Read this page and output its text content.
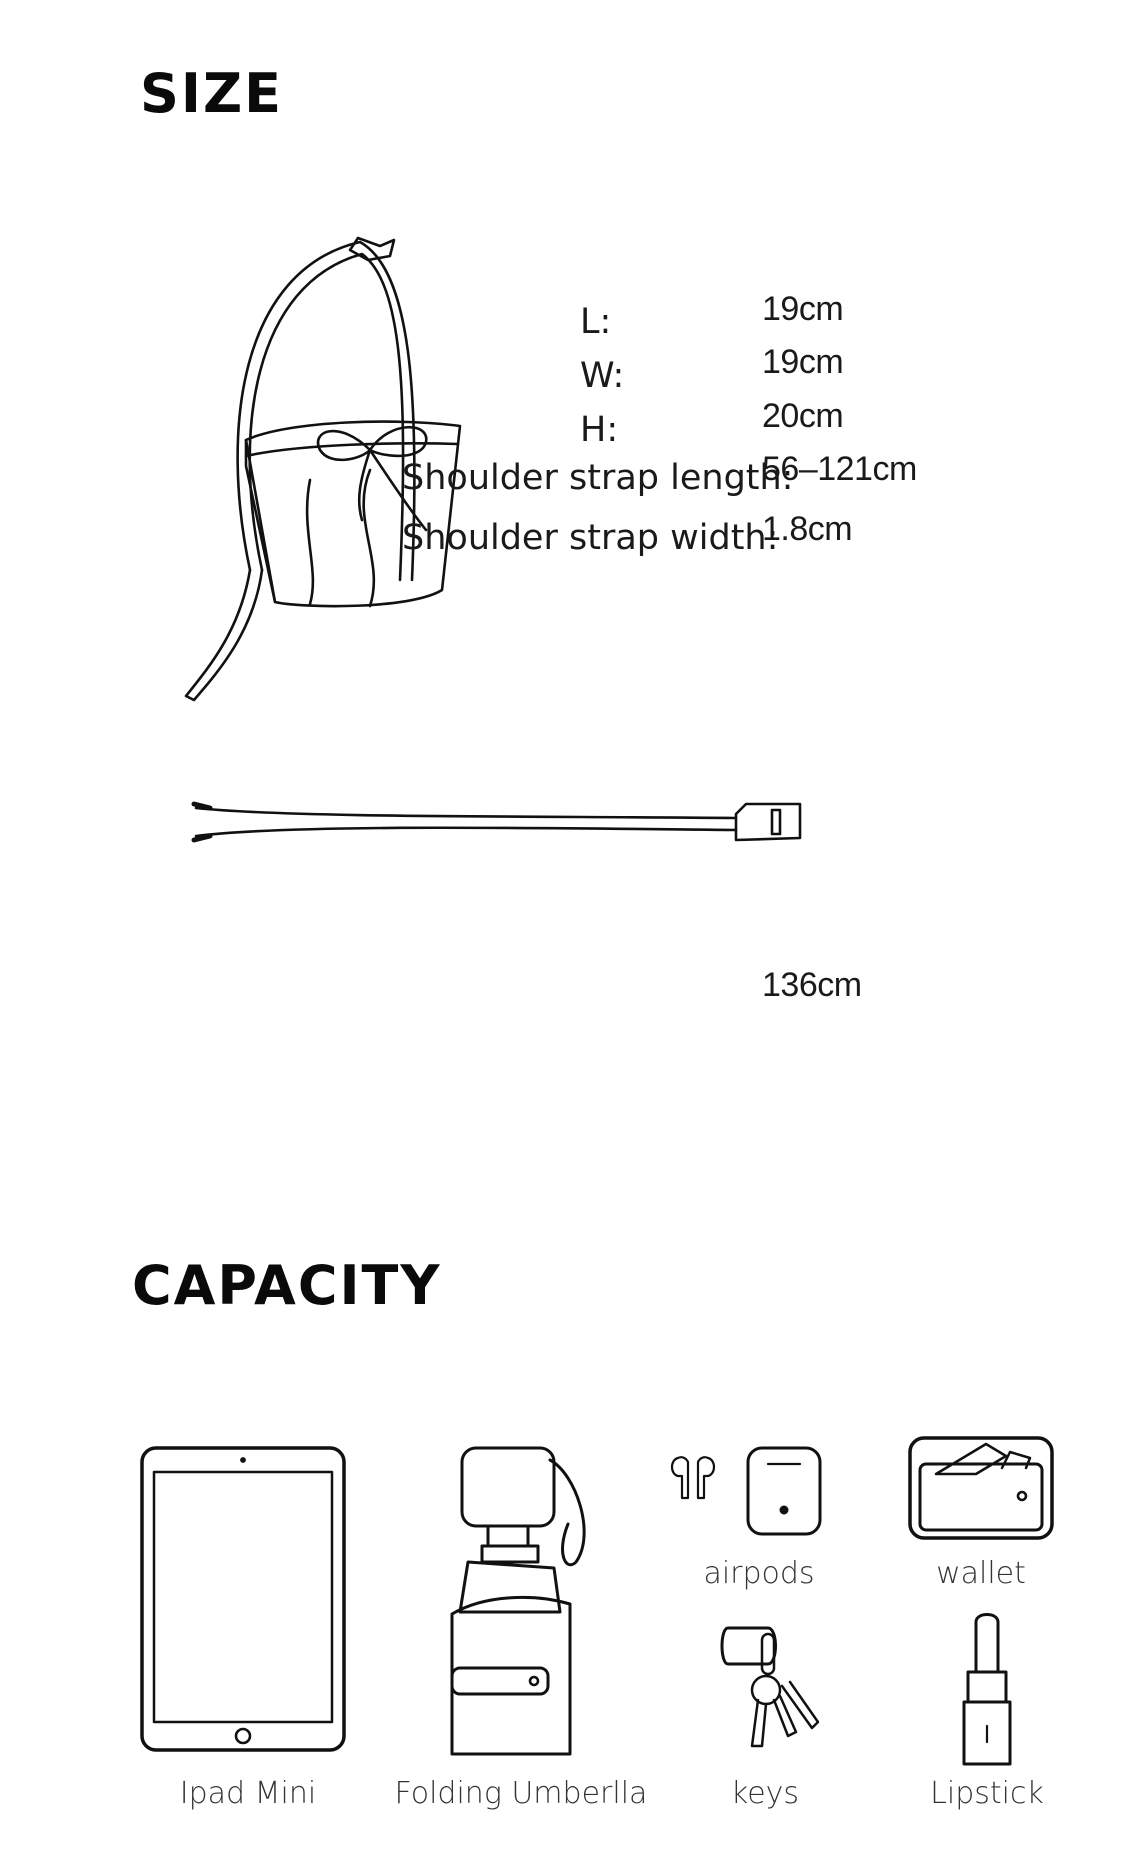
SIZE
L:	19cm
W:	19cm
H:	20cm
Shoulder strap length:
56–121cm
Shoulder strap width:
1.8cm
136cm
CAPACITY
Ipad Mini	Folding Umberlla
airpods	wallet
keys	Lipstick
